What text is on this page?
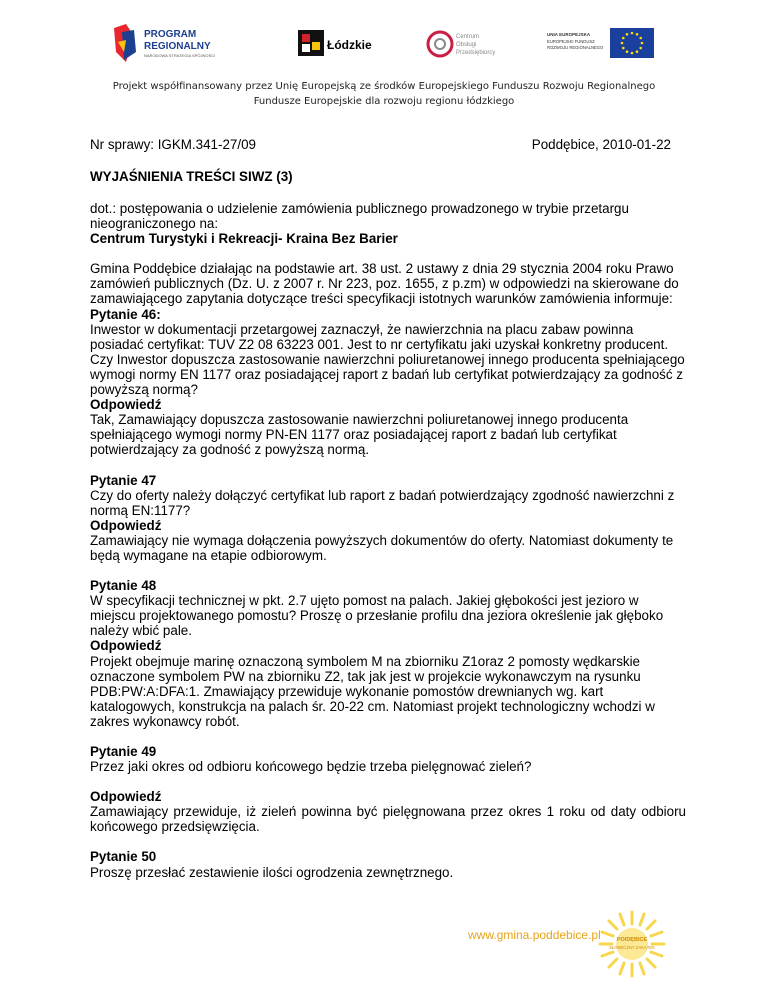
PROGRAM
REGIONALNY
NARODOWA STRATEGIA SPÓJNOŚCI
Łódzkie
Centrum
Obsługi
Przedsiębiorcy
UNIA EUROPEJSKA
EUROPEJSKI FUNDUSZ
ROZWOJU REGIONALNEGO
Projekt współfinansowany przez Unię Europejską ze środków Europejskiego Funduszu Rozwoju Regionalnego
Fundusze Europejskie dla rozwoju regionu łódzkiego
Nr sprawy: IGKM.341-27/09	Poddębice, 2010-01-22
WYJAŚNIENIA TREŚCI SIWZ (3)

dot.: postępowania o udzielenie zamówienia publicznego prowadzonego w trybie przetargu nieograniczonego na:

Centrum Turystyki i Rekreacji- Kraina Bez Barier

Gmina Poddębice działając na podstawie art. 38 ust. 2 ustawy z dnia 29 stycznia 2004 roku Prawo zamówień publicznych (Dz. U. z 2007 r. Nr 223, poz. 1655, z p.zm) w odpowiedzi na skierowane do zamawiającego zapytania dotyczące treści specyfikacji istotnych warunków zamówienia informuje:

Pytanie 46:

Inwestor w dokumentacji przetargowej zaznaczył, że nawierzchnia na placu zabaw powinna posiadać certyfikat: TUV Z2 08 63223 001. Jest to nr certyfikatu jaki uzyskał konkretny producent. Czy Inwestor dopuszcza zastosowanie nawierzchni poliuretanowej innego producenta spełniającego wymogi normy EN 1177 oraz posiadającej raport z badań lub certyfikat potwierdzający za godność z powyższą normą?

Odpowiedź

Tak, Zamawiający dopuszcza zastosowanie nawierzchni poliuretanowej innego producenta spełniającego wymogi normy PN-EN 1177 oraz posiadającej raport z badań lub certyfikat potwierdzający za godność z powyższą normą.

Pytanie 47

Czy do oferty należy dołączyć certyfikat lub raport z badań potwierdzający zgodność nawierzchni z normą EN:1177?

Odpowiedź

Zamawiający nie wymaga dołączenia powyższych dokumentów do oferty. Natomiast dokumenty te będą wymagane na etapie odbiorowym.

Pytanie 48

W specyfikacji technicznej w pkt. 2.7 ujęto pomost na palach. Jakiej głębokości jest jezioro w miejscu projektowanego pomostu? Proszę o przesłanie profilu dna jeziora określenie jak głęboko należy wbić pale.

Odpowiedź

Projekt obejmuje marinę oznaczoną symbolem M na zbiorniku Z1oraz 2 pomosty wędkarskie oznaczone symbolem PW na zbiorniku Z2, tak jak jest w projekcie wykonawczym na rysunku PDB:PW:A:DFA:1. Zmawiający przewiduje wykonanie pomostów drewnianych wg. kart katalogowych, konstrukcja na palach śr. 20-22 cm. Natomiast projekt technologiczny wchodzi w zakres wykonawcy robót.

Pytanie 49

Przez jaki okres od odbioru końcowego będzie trzeba pielęgnować zieleń?

Odpowiedź

Zamawiający przewiduje, iż zieleń powinna być pielęgnowana przez okres 1 roku od daty odbioru końcowego przedsięwzięcia.

Pytanie 50

Proszę przesłać zestawienie ilości ogrodzenia zewnętrznego.

www.gmina.poddebice.pl	POIDĘBICE
SŁONECZNY ZAKĄTEK
